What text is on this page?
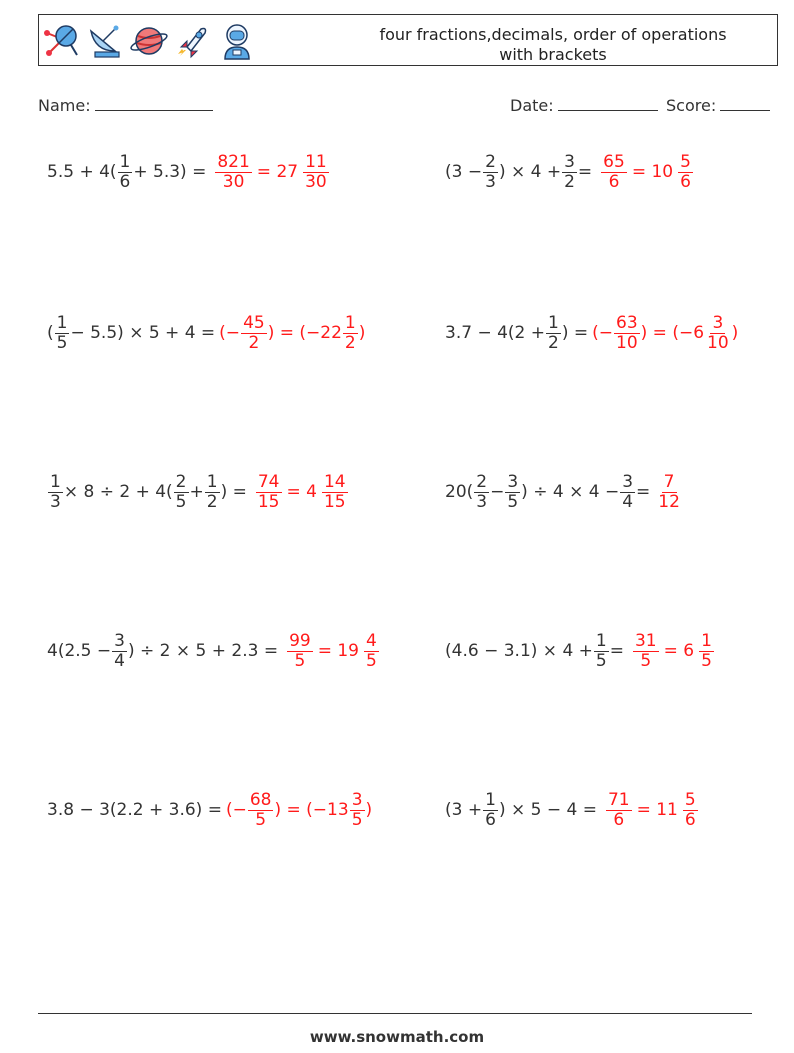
four fractions,decimals, order of operations
with brackets
Name:	Date:	Score:
$5.5 + 4( \frac{1}{6} + 5.3) = \frac{821}{30} = 27 \frac{11}{30}$	($3 - \frac{2}{3}$ ) × $4 + \frac{3}{2} = \frac{65}{6} = 10 \frac{5}{6}$
( $\frac{1}{5} - 5.5) \times 5 + 4$ = (− $\frac{45}{2}$ ) = ($-22 \frac{1}{2}$ )	$3.7 - 4(2 + \frac{1}{2}$ ) = (− $\frac{63}{10}$ ) = ($-6 \frac{3}{10}$ )
$\frac{1}{3} \times 8 \div 2 + 4( \frac{2}{5} + \frac{1}{2}$ ) = $\frac{74}{15} = 4 \frac{14}{15}$	$20( \frac{2}{3} - \frac{3}{5}$ ) ÷ $4 \times 4 - \frac{3}{4} = \frac{7}{12}$
$4(2.5 - \frac{3}{4}$ ) ÷ $2 \times 5 + 2.3 = \frac{99}{5} = 19 \frac{4}{5}$	$(4.6 - 3.1) \times 4 + \frac{1}{5} = \frac{31}{5} = 6 \frac{1}{5}$
3.8 − 3(2.2 + 3.6) = (− $\frac{68}{5}$ ) = ($-13 \frac{3}{5}$ )	($3 + \frac{1}{6}$ ) × $5 - 4 = \frac{71}{6} = 11 \frac{5}{6}$
www.snowmath.com
